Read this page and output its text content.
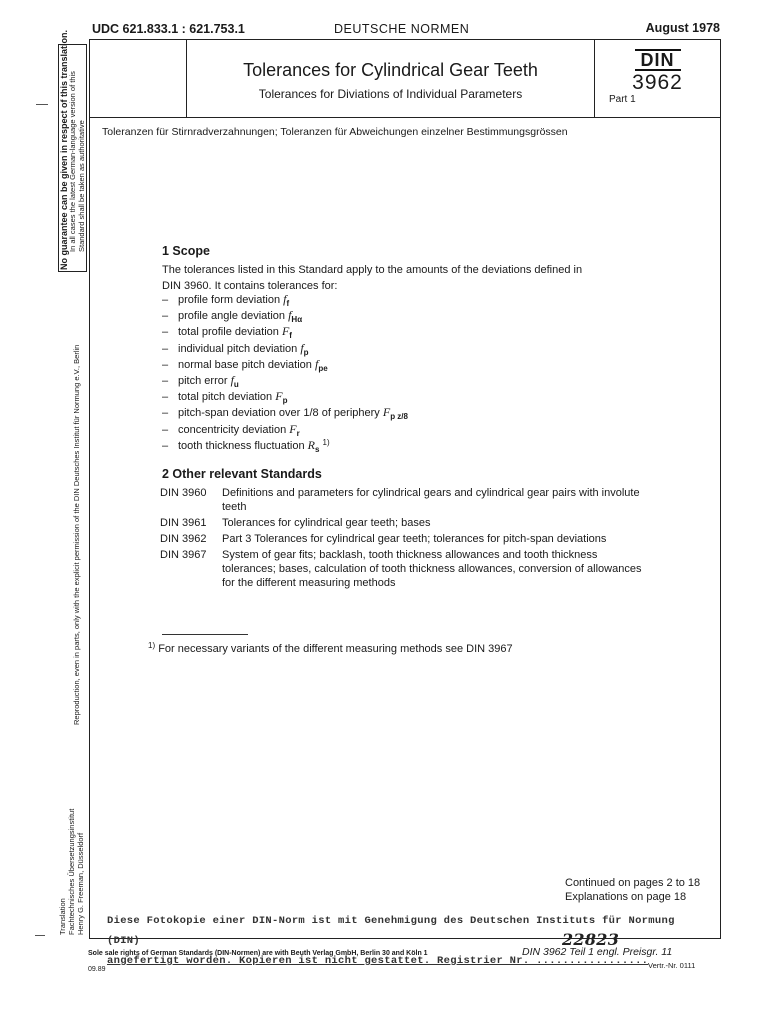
UDC 621.833.1 : 621.753.1	DEUTSCHE NORMEN	August 1978
No guarantee can be given in respect of this translation. In all cases the latest German-language version of this Standard shall be taken as authoritative
Reproduction, even in parts, only with the explicit permission of the DIN Deutsches Institut für Normung e.V., Berlin
Translation Fachtechnisches Übersetzungsinstitut Henry G. Freeman, Düsseldorf
Tolerances for Cylindrical Gear Teeth
Tolerances for Diviations of Individual Parameters
DIN
3962
Part 1
Toleranzen für Stirnradverzahnungen; Toleranzen für Abweichungen einzelner Bestimmungsgrössen
1 Scope
The tolerances listed in this Standard apply to the amounts of the deviations defined in
DIN 3960. It contains tolerances for:
– profile form deviation $f_f$
– profile angle deviation $f_{H\alpha}$
– total profile deviation $F_f$
– individual pitch deviation $f_p$
– normal base pitch deviation $f_{pe}$
– pitch error $f_u$
– total pitch deviation $F_p$
– pitch-span deviation over 1/8 of periphery $F_{p z/8}$
– concentricity deviation $F_r$
– tooth thickness fluctuation $R_s$ $^{1)}$
2 Other relevant Standards
DIN 3960	Definitions and parameters for cylindrical gears and cylindrical gear pairs with involute teeth
DIN 3961	Tolerances for cylindrical gear teeth; bases
DIN 3962	Part 3 Tolerances for cylindrical gear teeth; tolerances for pitch-span deviations
DIN 3967	System of gear fits; backlash, tooth thickness allowances and tooth thickness tolerances; bases, calculation of tooth thickness allowances, conversion of allowances for the different measuring methods
$^{1)}$ For necessary variants of the different measuring methods see DIN 3967
Continued on pages 2 to 18
Explanations on page 18
Diese Fotokopie einer DIN-Norm ist mit Genehmigung des Deutschen Instituts für Normung (DIN)
angefertigt worden. Kopieren ist nicht gestattet. Registrier Nr. .................
22823
Sole sale rights of German Standards (DIN-Normen) are with Beuth Verlag GmbH, Berlin 30 and Köln 1	DIN 3962 Teil 1 engl. Preisgr. 11
Vertr.-Nr. 0111
09.89
